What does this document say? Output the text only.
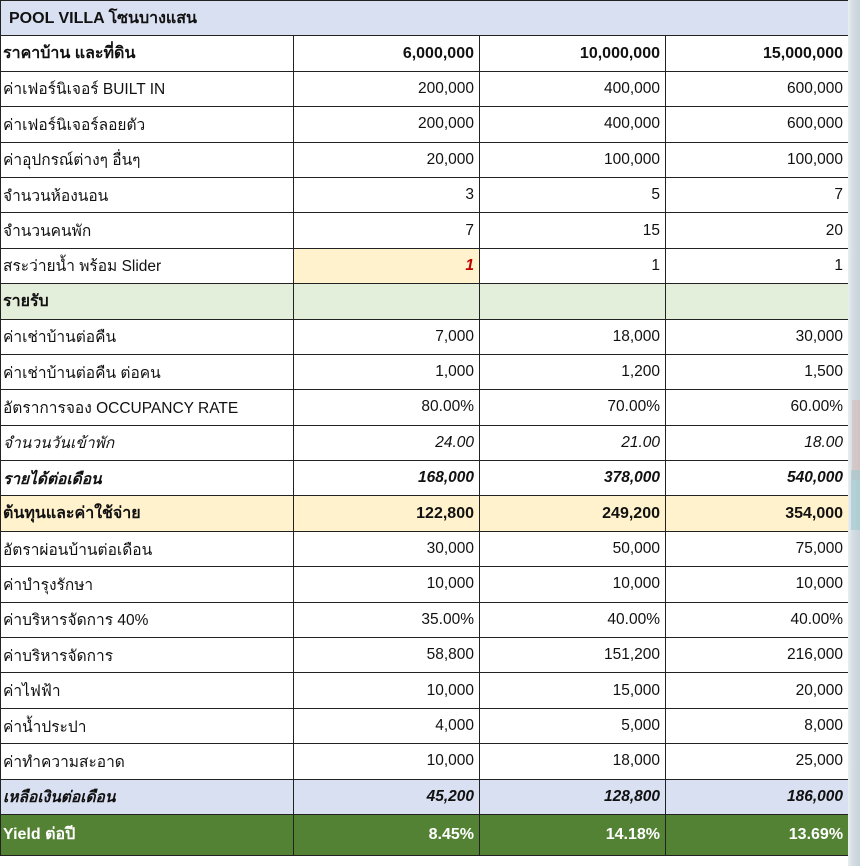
POOL VILLA โซนบางแสน			
ราคาบ้าน และที่ดิน	6,000,000	10,000,000	15,000,000
ค่าเฟอร์นิเจอร์ BUILT IN	200,000	400,000	600,000
ค่าเฟอร์นิเจอร์ลอยตัว	200,000	400,000	600,000
ค่าอุปกรณ์ต่างๆ อื่นๆ	20,000	100,000	100,000
จำนวนห้องนอน	3	5	7
จำนวนคนพัก	7	15	20
สระว่ายน้ำ พร้อม Slider	1	1	1
รายรับ			
ค่าเช่าบ้านต่อคืน	7,000	18,000	30,000
ค่าเช่าบ้านต่อคืน ต่อคน	1,000	1,200	1,500
อัตราการจอง OCCUPANCY RATE	80.00%	70.00%	60.00%
จำนวนวันเข้าพัก	24.00	21.00	18.00
รายได้ต่อเดือน	168,000	378,000	540,000
ต้นทุนและค่าใช้จ่าย	122,800	249,200	354,000
อัตราผ่อนบ้านต่อเดือน	30,000	50,000	75,000
ค่าบำรุงรักษา	10,000	10,000	10,000
ค่าบริหารจัดการ 40%	35.00%	40.00%	40.00%
ค่าบริหารจัดการ	58,800	151,200	216,000
ค่าไฟฟ้า	10,000	15,000	20,000
ค่าน้ำประปา	4,000	5,000	8,000
ค่าทำความสะอาด	10,000	18,000	25,000
เหลือเงินต่อเดือน	45,200	128,800	186,000
Yield ต่อปี	8.45%	14.18%	13.69%
